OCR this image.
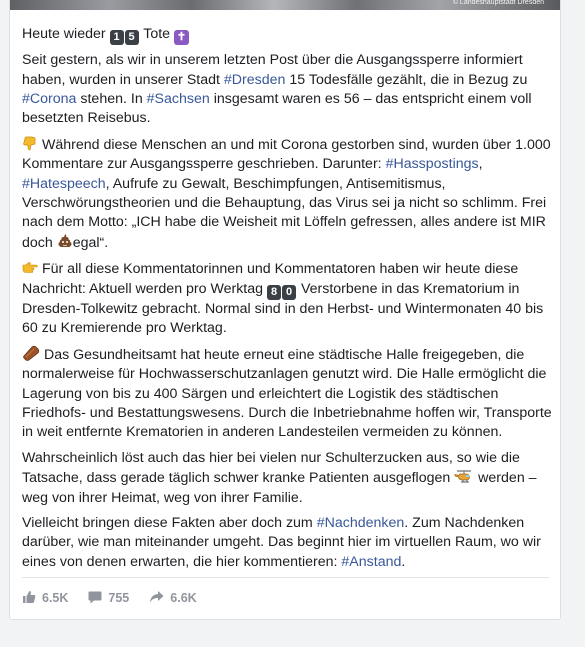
© Landeshauptstadt Dresden

Heute wieder 1 5 Tote ✝

Seit gestern, als wir in unserem letzten Post über die Ausgangssperre informiert haben, wurden in unserer Stadt #Dresden 15 Todesfälle gezählt, die in Bezug zu #Corona stehen. In #Sachsen insgesamt waren es 56 – das entspricht einem voll besetzten Reisebus.

Während diese Menschen an und mit Corona gestorben sind, wurden über 1.000 Kommentare zur Ausgangssperre geschrieben. Darunter: #Hasspostings, #Hatespeech, Aufrufe zu Gewalt, Beschimpfungen, Antisemitismus, Verschwörungstheorien und die Behauptung, das Virus sei ja nicht so schlimm. Frei nach dem Motto: „ICH habe die Weisheit mit Löffeln gefressen, alles andere ist MIR doch egal“.

Für all diese Kommentatorinnen und Kommentatoren haben wir heute diese Nachricht: Aktuell werden pro Werktag 8 0 Verstorbene in das Krematorium in Dresden-Tolkewitz gebracht. Normal sind in den Herbst- und Wintermonaten 40 bis 60 zu Kremierende pro Werktag.

Das Gesundheitsamt hat heute erneut eine städtische Halle freigegeben, die normalerweise für Hochwasserschutzanlagen genutzt wird. Die Halle ermöglicht die Lagerung von bis zu 400 Särgen und erleichtert die Logistik des städtischen Friedhofs- und Bestattungswesens. Durch die Inbetriebnahme hoffen wir, Transporte in weit entfernte Krematorien in anderen Landesteilen vermeiden zu können.

Wahrscheinlich löst auch das hier bei vielen nur Schulterzucken aus, so wie die Tatsache, dass gerade täglich schwer kranke Patienten ausgeflogen werden – weg von ihrer Heimat, weg von ihrer Familie.

Vielleicht bringen diese Fakten aber doch zum #Nachdenken. Zum Nachdenken darüber, wie man miteinander umgeht. Das beginnt hier im virtuellen Raum, wo wir eines von denen erwarten, die hier kommentieren: #Anstand.

6.5K	755	6.6K
